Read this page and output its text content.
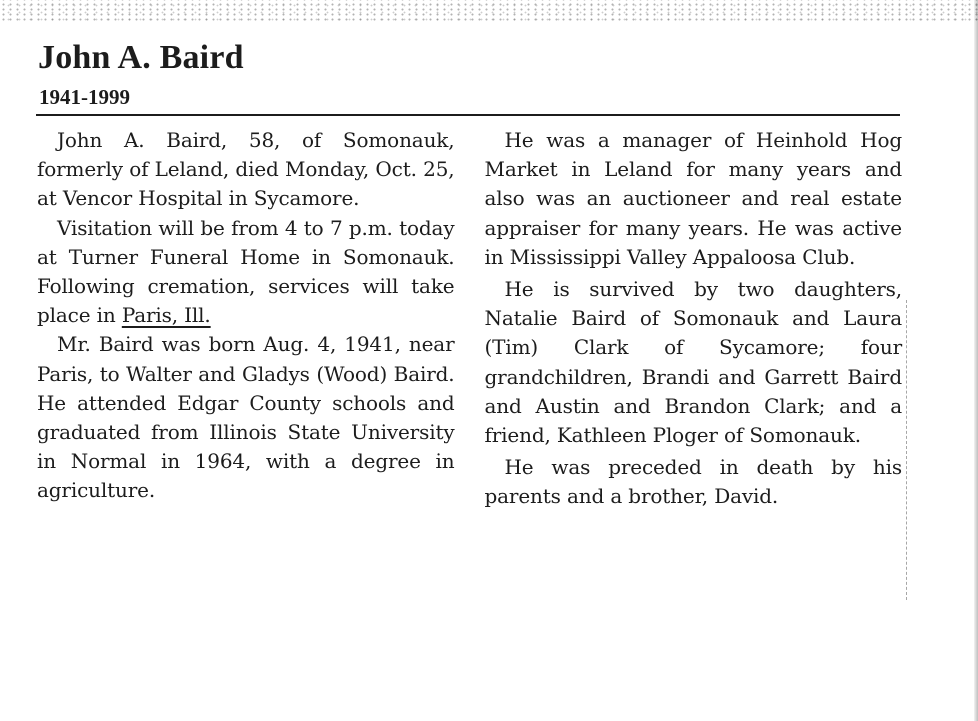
John A. Baird
1941-1999

John A. Baird, 58, of Somonauk, formerly of Leland, died Monday, Oct. 25, at Vencor Hospital in Sycamore.

Visitation will be from 4 to 7 p.m. today at Turner Funeral Home in Somonauk. Following cremation, services will take place in Paris, Ill.

Mr. Baird was born Aug. 4, 1941, near Paris, to Walter and Gladys (Wood) Baird. He attended Edgar County schools and graduated from Illinois State University in Normal in 1964, with a degree in agriculture.

He was a manager of Heinhold Hog Market in Leland for many years and also was an auctioneer and real estate appraiser for many years. He was active in Mississippi Valley Appaloosa Club.

He is survived by two daughters, Natalie Baird of Somonauk and Laura (Tim) Clark of Sycamore; four grandchildren, Brandi and Garrett Baird and Austin and Brandon Clark; and a friend, Kathleen Ploger of Somonauk.

He was preceded in death by his parents and a brother, David.
